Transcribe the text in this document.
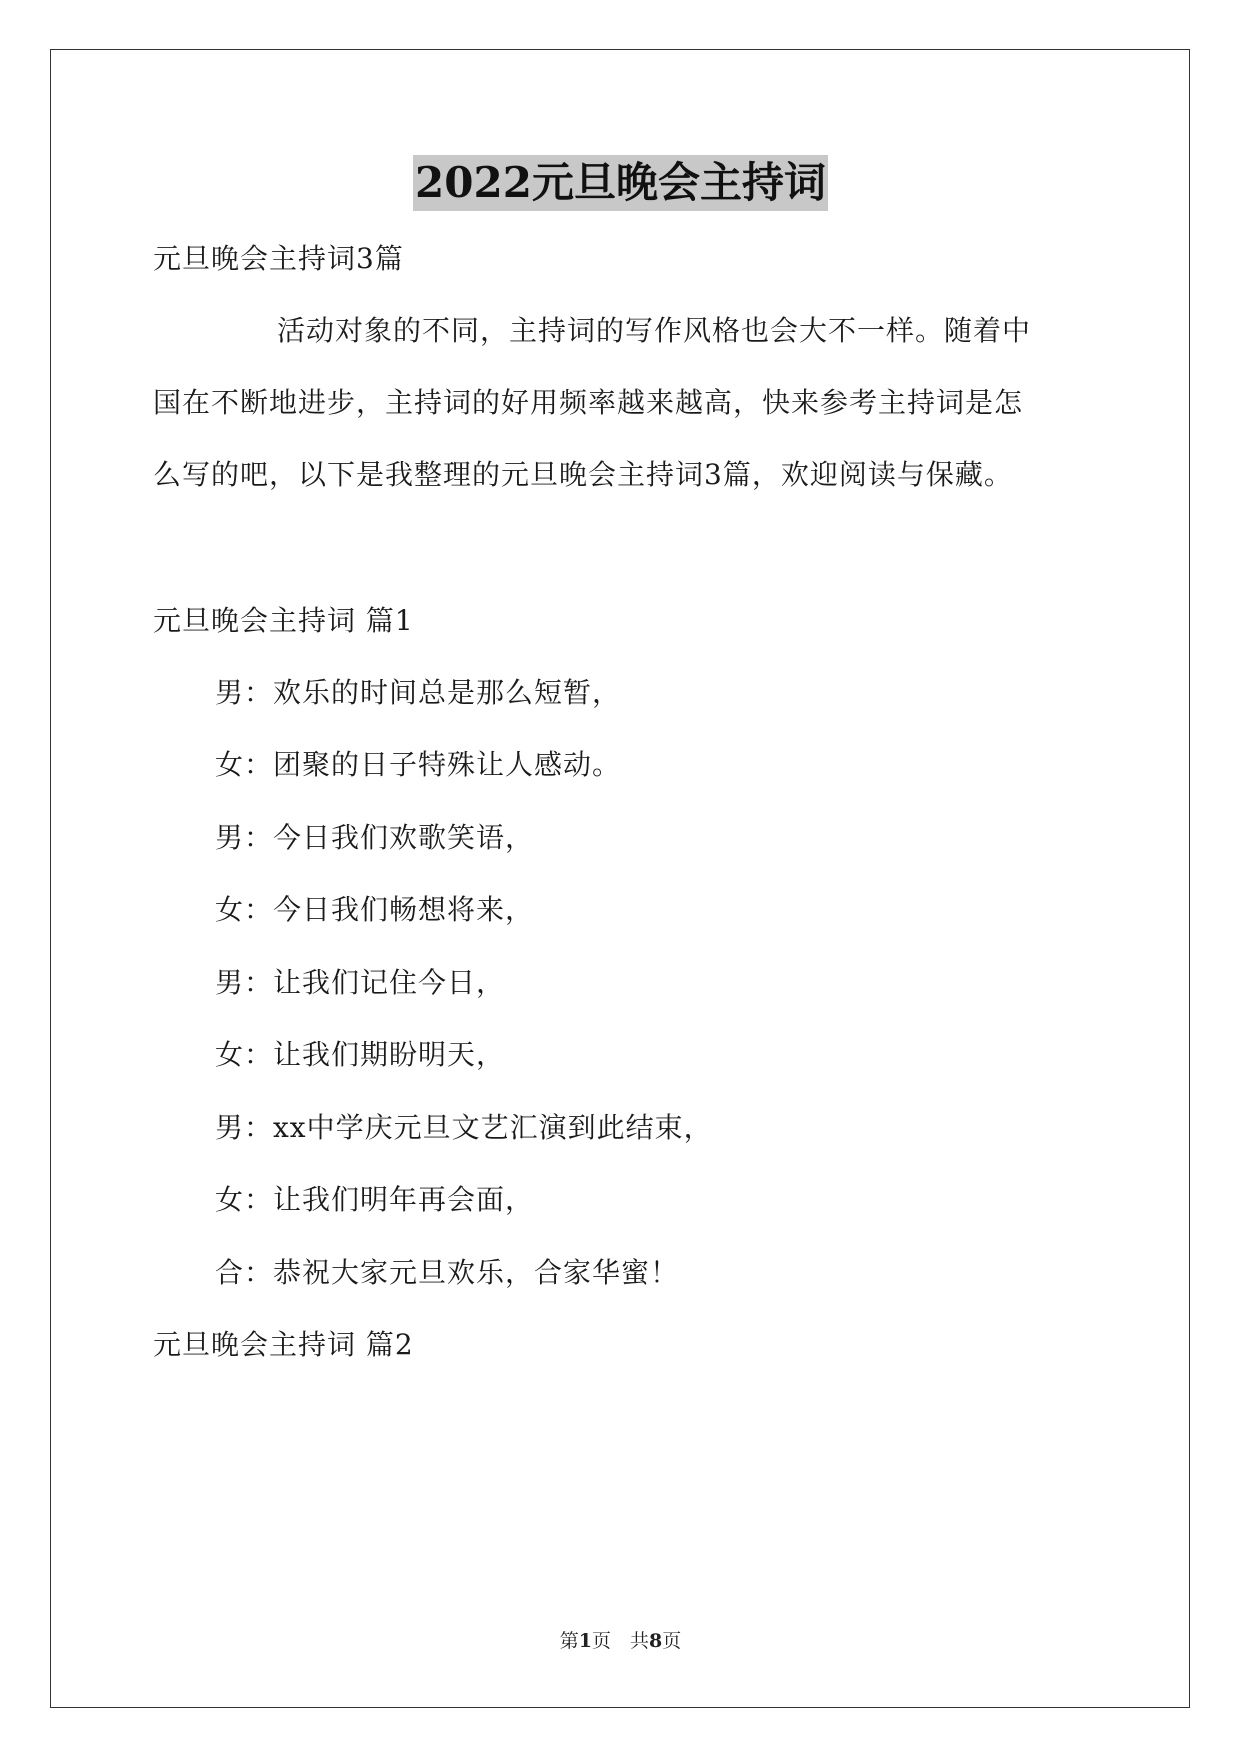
2022元旦晚会主持词
元旦晚会主持词3篇
活动对象的不同，主持词的写作风格也会大不一样。随着中
国在不断地进步，主持词的好用频率越来越高，快来参考主持词是怎
么写的吧，以下是我整理的元旦晚会主持词3篇，欢迎阅读与保藏。
元旦晚会主持词 篇1
男：欢乐的时间总是那么短暂，
女：团聚的日子特殊让人感动。
男：今日我们欢歌笑语，
女：今日我们畅想将来，
男：让我们记住今日，
女：让我们期盼明天，
男：xx中学庆元旦文艺汇演到此结束，
女：让我们明年再会面，
合：恭祝大家元旦欢乐，合家华蜜！
元旦晚会主持词 篇2
第1页　共8页
